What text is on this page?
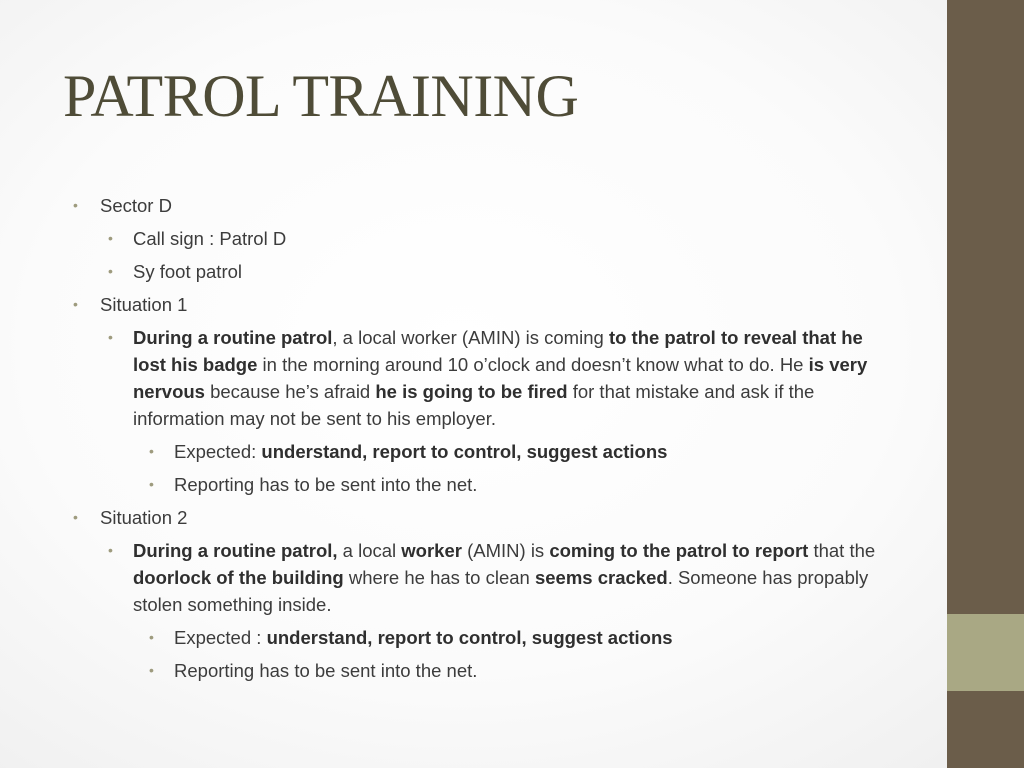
PATROL TRAINING
• Sector D
• Call sign : Patrol D
• Sy foot patrol
• Situation 1
• During a routine patrol, a local worker (AMIN) is coming to the patrol to reveal that he lost his badge in the morning around 10 o’clock and doesn’t know what to do. He is very nervous because he’s afraid he is going to be fired for that mistake and ask if the information may not be sent to his employer.
• Expected: understand, report to control, suggest actions
• Reporting has to be sent into the net.
• Situation 2
• During a routine patrol, a local worker (AMIN) is coming to the patrol to report that the doorlock of the building where he has to clean seems cracked. Someone has propably stolen something inside.
• Expected : understand, report to control, suggest actions
• Reporting has to be sent into the net.
